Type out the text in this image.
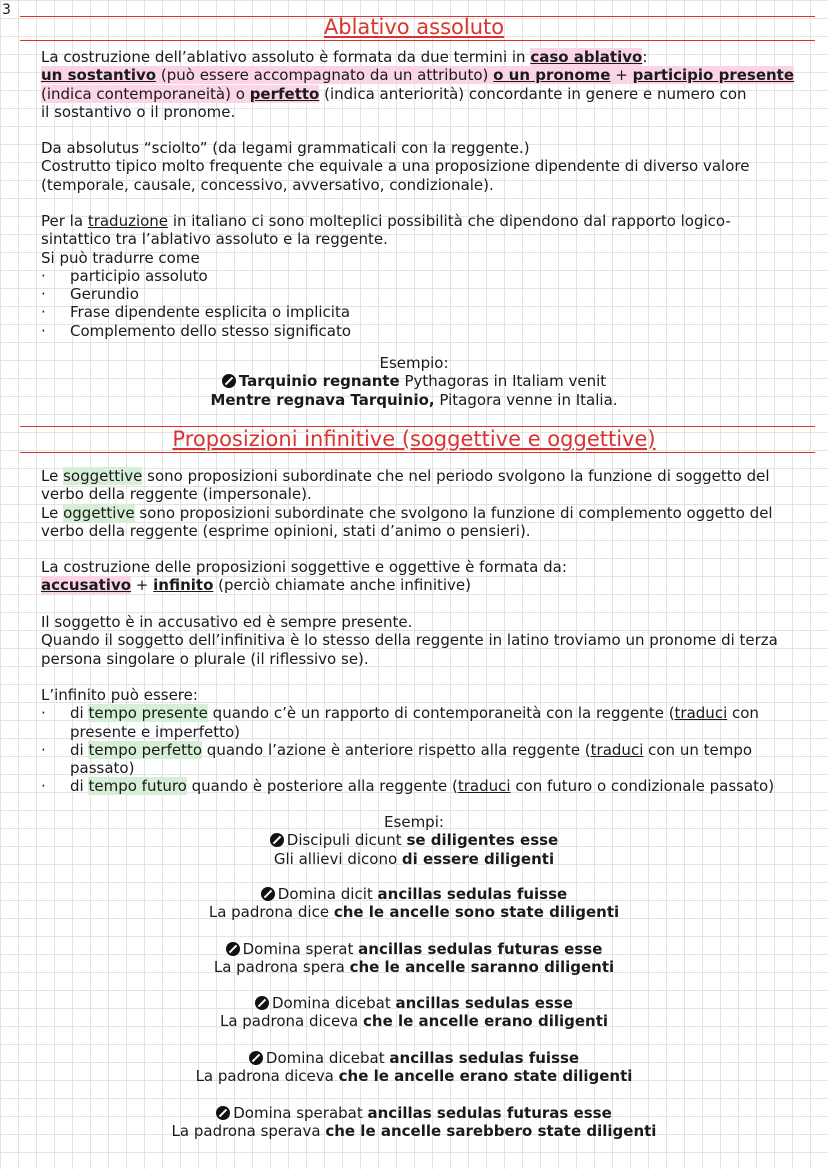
3
Ablativo assoluto

La costruzione dell’ablativo assoluto è formata da due termini in caso ablativo:

un sostantivo (può essere accompagnato da un attributo) o un pronome + participio presente

(indica contemporaneità) o perfetto (indica anteriorità) concordante in genere e numero con

il sostantivo o il pronome.

Da absolutus “sciolto” (da legami grammaticali con la reggente.)

Costrutto tipico molto frequente che equivale a una proposizione dipendente di diverso valore

(temporale, causale, concessivo, avversativo, condizionale).

Per la traduzione in italiano ci sono molteplici possibilità che dipendono dal rapporto logico-

sintattico tra l’ablativo assoluto e la reggente.

Si può tradurre come

· participio assoluto
· Gerundio
· Frase dipendente esplicita o implicita
· Complemento dello stesso significato

Esempio:

Tarquinio regnante Pythagoras in Italiam venit

Mentre regnava Tarquinio, Pitagora venne in Italia.

Proposizioni infinitive (soggettive e oggettive)

Le soggettive sono proposizioni subordinate che nel periodo svolgono la funzione di soggetto del

verbo della reggente (impersonale).

Le oggettive sono proposizioni subordinate che svolgono la funzione di complemento oggetto del

verbo della reggente (esprime opinioni, stati d’animo o pensieri).

La costruzione delle proposizioni soggettive e oggettive è formata da:

accusativo + infinito (perciò chiamate anche infinitive)

Il soggetto è in accusativo ed è sempre presente.

Quando il soggetto dell’infinitiva è lo stesso della reggente in latino troviamo un pronome di terza

persona singolare o plurale (il riflessivo se).

L’infinito può essere:

· di tempo presente quando c’è un rapporto di contemporaneità con la reggente (traduci con
presente e imperfetto)
· di tempo perfetto quando l’azione è anteriore rispetto alla reggente (traduci con un tempo
passato)
· di tempo futuro quando è posteriore alla reggente (traduci con futuro o condizionale passato)

Esempi:

Discipuli dicunt se diligentes esse

Gli allievi dicono di essere diligenti

Domina dicit ancillas sedulas fuisse

La padrona dice che le ancelle sono state diligenti

Domina sperat ancillas sedulas futuras esse

La padrona spera che le ancelle saranno diligenti

Domina dicebat ancillas sedulas esse

La padrona diceva che le ancelle erano diligenti

Domina dicebat ancillas sedulas fuisse

La padrona diceva che le ancelle erano state diligenti

Domina sperabat ancillas sedulas futuras esse

La padrona sperava che le ancelle sarebbero state diligenti
